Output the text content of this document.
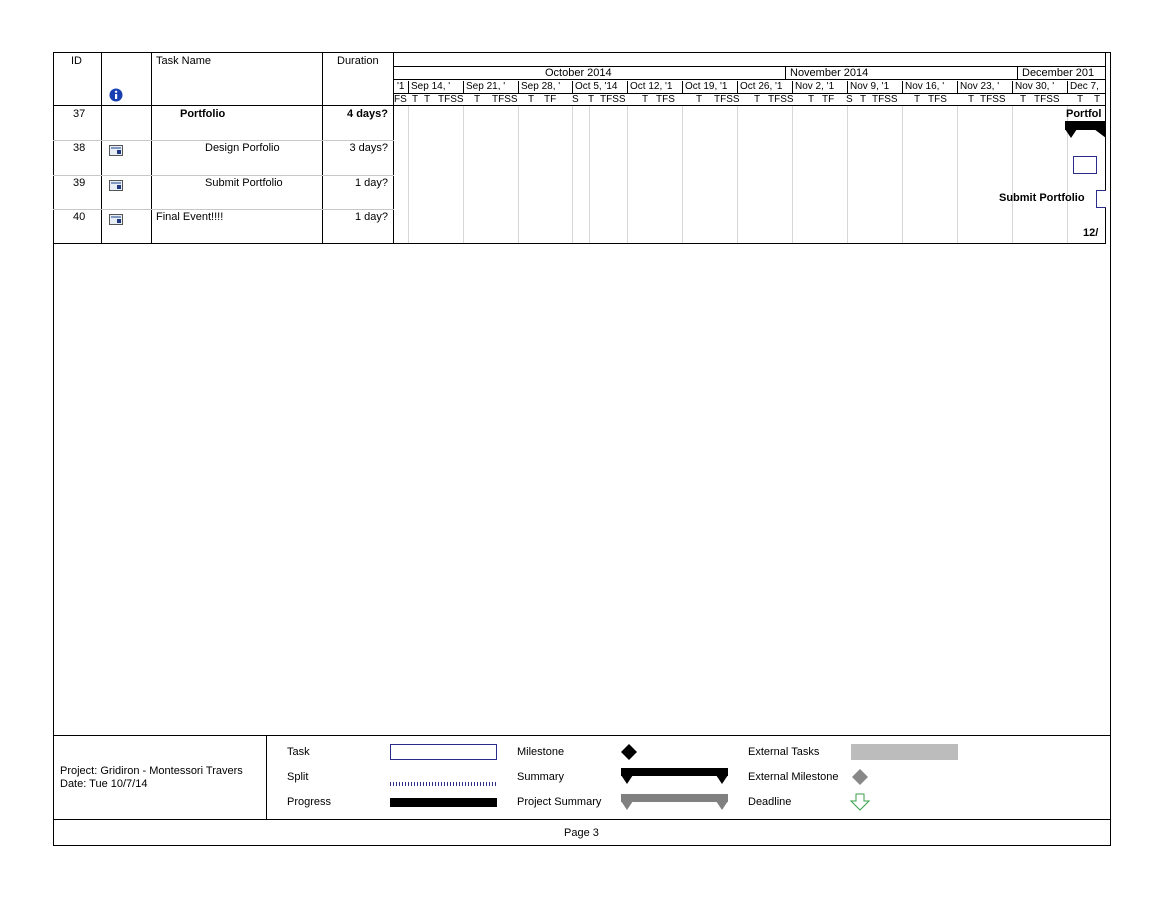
ID	Task Name	Duration
October 2014	November 2014	December 201
'1 Sep 14, ' Sep 21, ' Sep 28, ' Oct 5, '14 Oct 12, '1 Oct 19, '1 Oct 26, '1 Nov 2, '1 Nov 9, '1 Nov 16, ' Nov 23, ' Nov 30, ' Dec 7,
FS T T TFSS T TFSS T TF S T TFSS T TFS T TFSS T TFSS T TF S T TFSS T TFS T TFSS T TFSS T T
37	Portfolio	4 days?
38	Design Porfolio	3 days?
39	Submit Portfolio	1 day?
40	Final Event!!!!	1 day?
Portfol
Submit Portfolio
12/
Project: Gridiron - Montessori Travers
Date: Tue 10/7/14
Task
Split
Progress
Milestone
Summary
Project Summary
External Tasks
External Milestone
Deadline
Page 3
